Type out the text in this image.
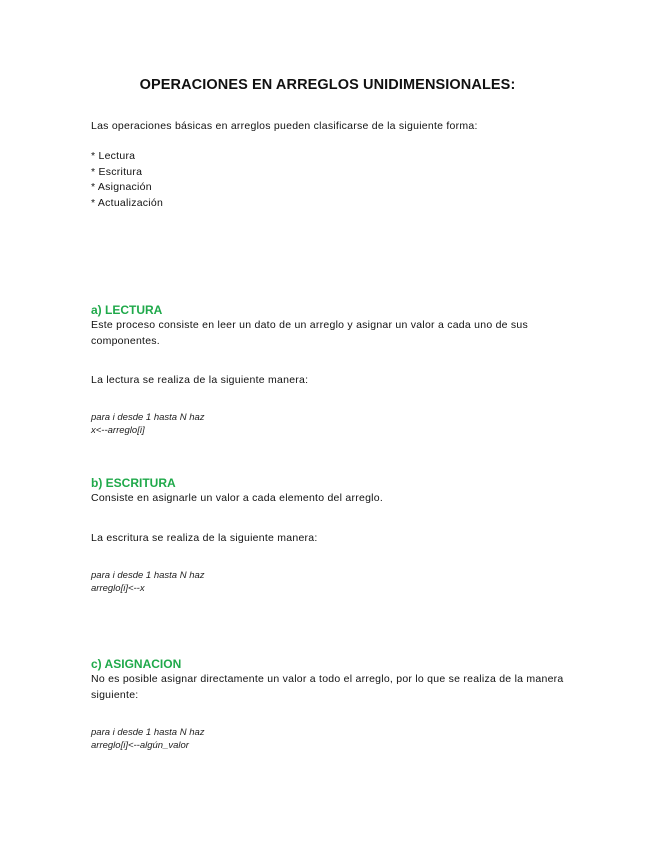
OPERACIONES EN ARREGLOS UNIDIMENSIONALES:
Las operaciones básicas en arreglos pueden clasificarse de la siguiente forma:
* Lectura
* Escritura
* Asignación
* Actualización
a) LECTURA
Este proceso consiste en leer un dato de un arreglo y asignar un valor a cada uno de sus componentes.
La lectura se realiza de la siguiente manera:
para i desde 1 hasta N haz
x<--arreglo[i]
b) ESCRITURA
Consiste en asignarle un valor a cada elemento del arreglo.
La escritura se realiza de la siguiente manera:
para i desde 1 hasta N haz
arreglo[i]<--x
c) ASIGNACION
No es posible asignar directamente un valor a todo el arreglo, por lo que se realiza de la manera siguiente:
para i desde 1 hasta N haz
arreglo[i]<--algún_valor
